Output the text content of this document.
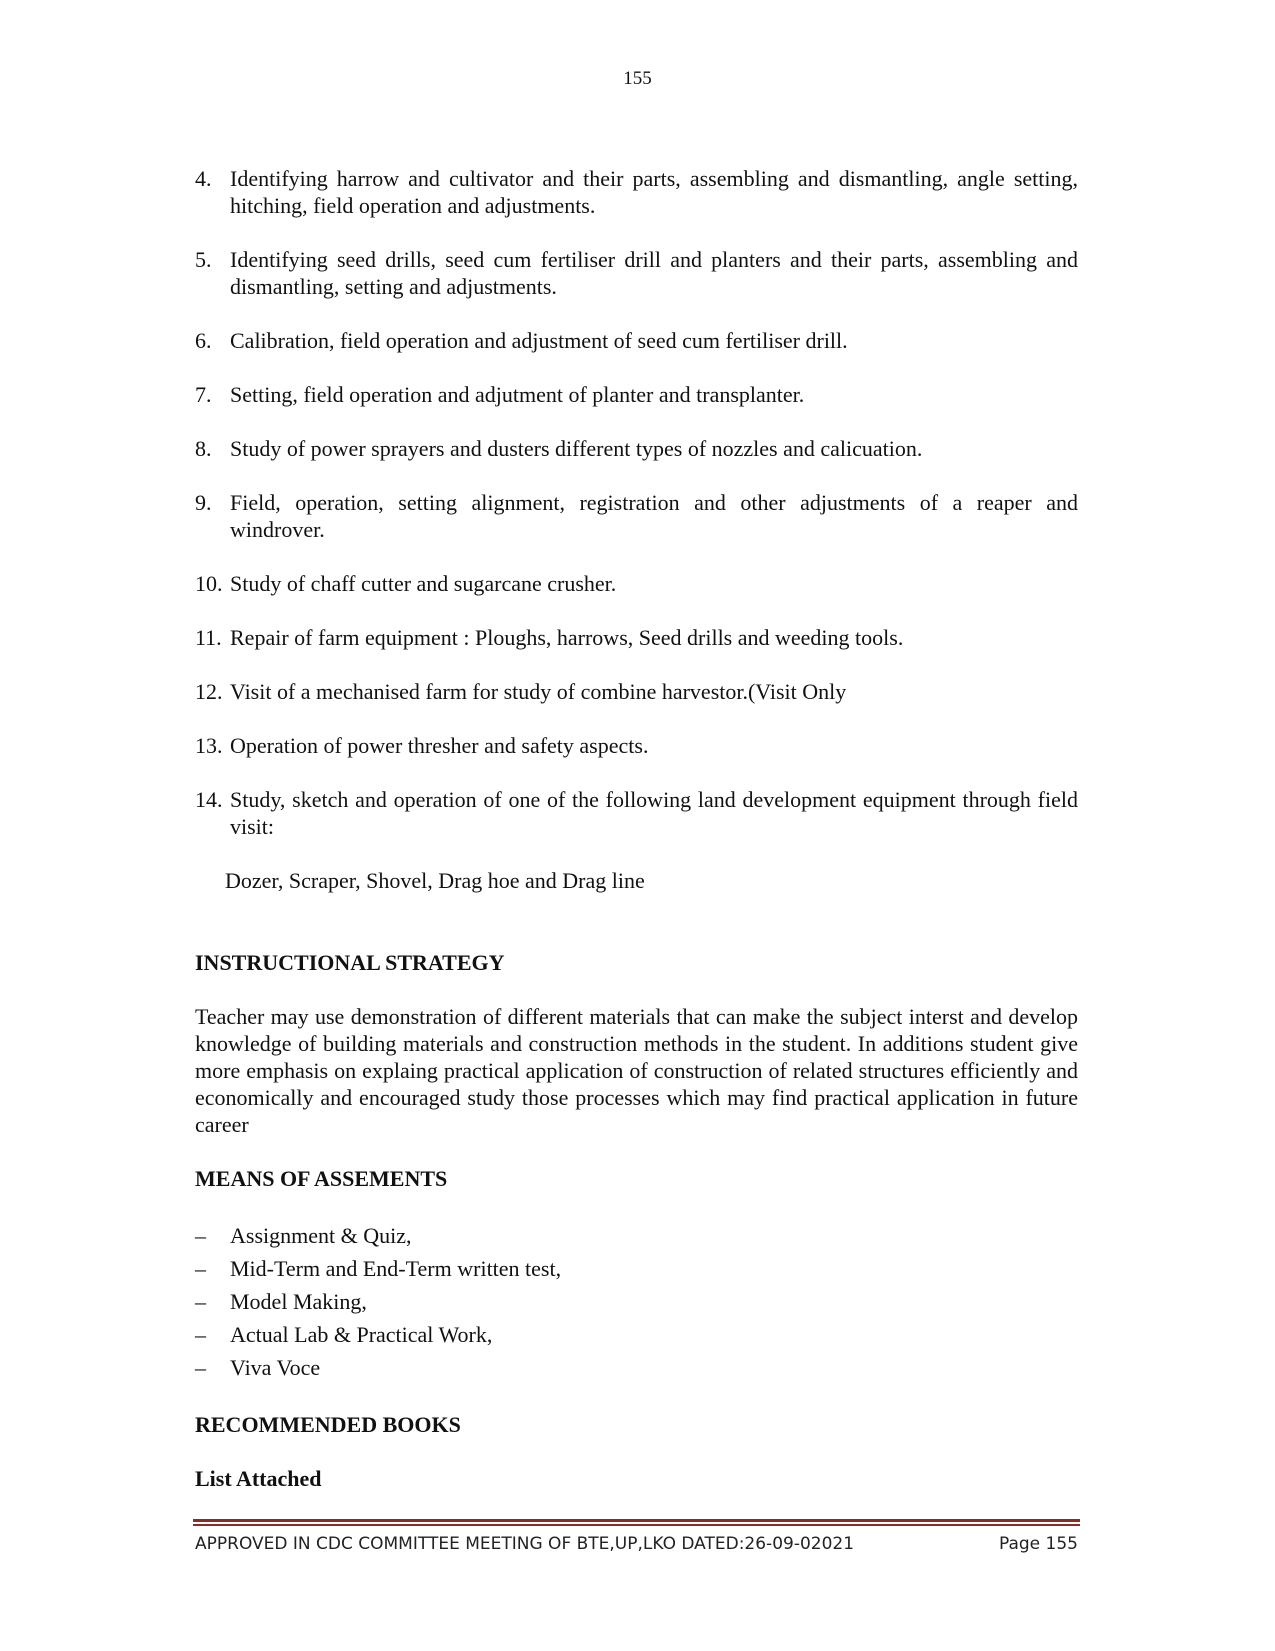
155
4. Identifying harrow and cultivator and their parts, assembling and dismantling, angle setting, hitching, field operation and adjustments.
5. Identifying seed drills, seed cum fertiliser drill and planters and their parts, assembling and dismantling, setting and adjustments.
6. Calibration, field operation and adjustment of seed cum fertiliser drill.
7. Setting, field operation and adjutment of planter and transplanter.
8. Study of power sprayers and dusters different types of nozzles and calicuation.
9. Field, operation, setting alignment, registration and other adjustments of a reaper and windrover.
10. Study of chaff cutter and sugarcane crusher.
11. Repair of farm equipment : Ploughs, harrows, Seed drills and weeding tools.
12. Visit of a mechanised farm for study of combine harvestor.(Visit Only
13. Operation of power thresher and safety aspects.
14. Study, sketch and operation of one of the following land development equipment through field visit:
Dozer, Scraper, Shovel, Drag hoe and Drag line
INSTRUCTIONAL STRATEGY

Teacher may use demonstration of different materials that can make the subject interst and develop knowledge of building materials and construction methods in the student. In additions student give more emphasis on explaing practical application of construction of related structures efficiently and economically and encouraged study those processes which may find practical application in future career

MEANS OF ASSEMENTS
– Assignment & Quiz,
– Mid-Term and End-Term written test,
– Model Making,
– Actual Lab & Practical Work,
– Viva Voce
RECOMMENDED BOOKS
List Attached
APPROVED IN CDC COMMITTEE MEETING OF BTE,UP,LKO DATED:26-09-02021	Page 155
